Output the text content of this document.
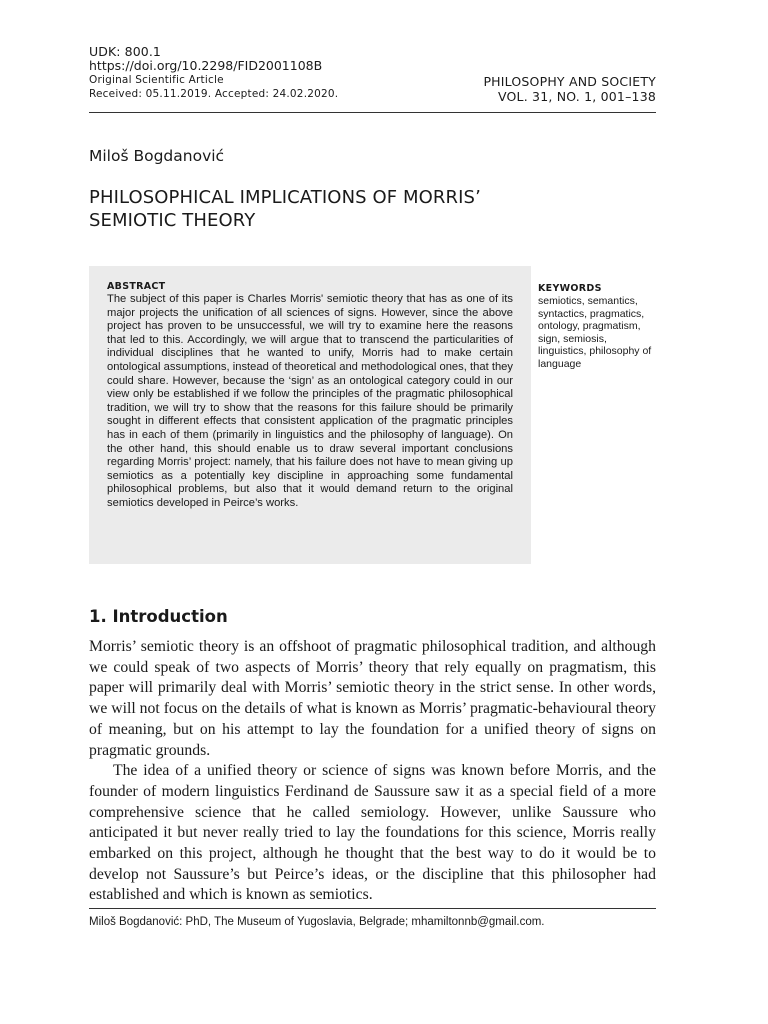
UDK: 800.1
https://doi.org/10.2298/FID2001108B
Original Scientific Article
Received: 05.11.2019. Accepted: 24.02.2020.
PHILOSOPHY AND SOCIETY
VOL. 31, NO. 1, 001–138
Miloš Bogdanović
PHILOSOPHICAL IMPLICATIONS OF MORRIS’
SEMIOTIC THEORY
ABSTRACT
The subject of this paper is Charles Morris' semiotic theory that has as one of its major projects the unification of all sciences of signs. However, since the above project has proven to be unsuccessful, we will try to examine here the reasons that led to this. Accordingly, we will argue that to transcend the particularities of individual disciplines that he wanted to unify, Morris had to make certain ontological assumptions, instead of theoretical and methodological ones, that they could share. However, because the ‘sign’ as an ontological category could in our view only be established if we follow the principles of the pragmatic philosophical tradition, we will try to show that the reasons for this failure should be primarily sought in different effects that consistent application of the pragmatic principles has in each of them (primarily in linguistics and the philosophy of language). On the other hand, this should enable us to draw several important conclusions regarding Morris’ project: namely, that his failure does not have to mean giving up semiotics as a potentially key discipline in approaching some fundamental philosophical problems, but also that it would demand return to the original semiotics developed in Peirce’s works.
KEYWORDS
semiotics, semantics, syntactics, pragmatics, ontology, pragmatism, sign, semiosis, linguistics, philosophy of language
1. Introduction

Morris’ semiotic theory is an offshoot of pragmatic philosophical tradition, and although we could speak of two aspects of Morris’ theory that rely equally on pragmatism, this paper will primarily deal with Morris’ semiotic theory in the strict sense. In other words, we will not focus on the details of what is known as Morris’ pragmatic-behavioural theory of meaning, but on his attempt to lay the foundation for a unified theory of signs on pragmatic grounds.

The idea of a unified theory or science of signs was known before Morris, and the founder of modern linguistics Ferdinand de Saussure saw it as a special field of a more comprehensive science that he called semiology. However, unlike Saussure who anticipated it but never really tried to lay the foundations for this science, Morris really embarked on this project, although he thought that the best way to do it would be to develop not Saussure’s but Peirce’s ideas, or the discipline that this philosopher had established and which is known as semiotics.

Miloš Bogdanović: PhD, The Museum of Yugoslavia, Belgrade; mhamiltonnb@gmail.com.
